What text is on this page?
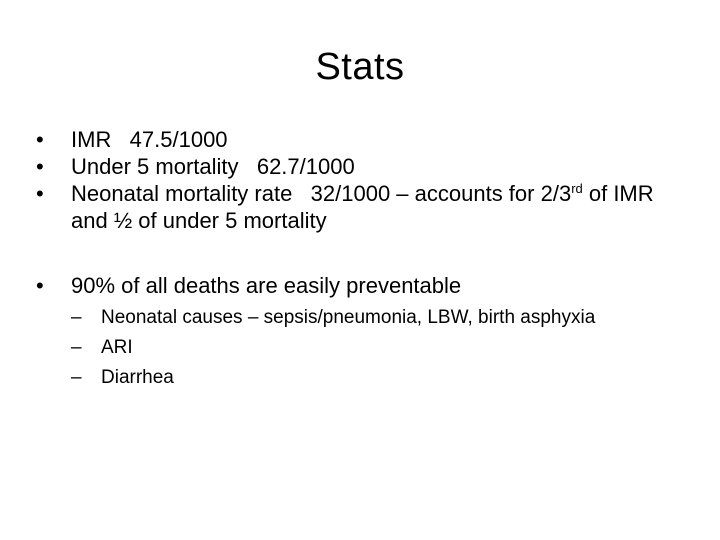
Stats
•	IMR   47.5/1000
•	Under 5 mortality   62.7/1000
•	Neonatal mortality rate   32/1000 – accounts for 2/3rd of IMR and ½ of under 5 mortality
•	90% of all deaths are easily preventable
– Neonatal causes – sepsis/pneumonia, LBW, birth asphyxia
– ARI
– Diarrhea
